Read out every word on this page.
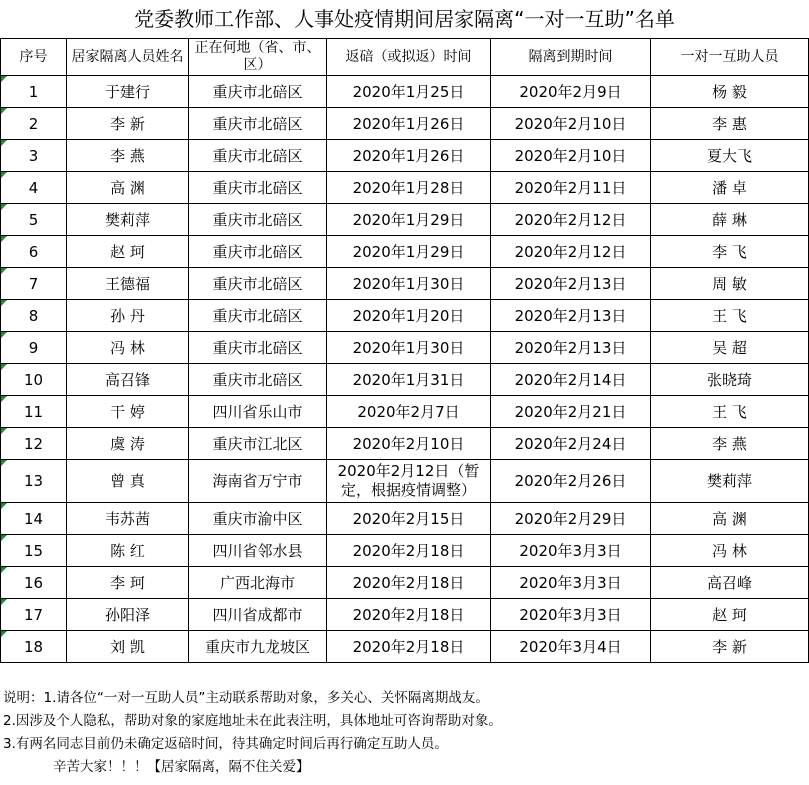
党委教师工作部、人事处疫情期间居家隔离“一对一互助”名单
序号	居家隔离人员姓名	正在何地（省、市、区）	返碚（或拟返）时间	隔离到期时间	一对一互助人员
1	于建行	重庆市北碚区	2020年1月25日	2020年2月9日	杨 毅
2	李 新	重庆市北碚区	2020年1月26日	2020年2月10日	李 惠
3	李 燕	重庆市北碚区	2020年1月26日	2020年2月10日	夏大飞
4	高 渊	重庆市北碚区	2020年1月28日	2020年2月11日	潘 卓
5	樊莉萍	重庆市北碚区	2020年1月29日	2020年2月12日	薛 琳
6	赵 珂	重庆市北碚区	2020年1月29日	2020年2月12日	李 飞
7	王德福	重庆市北碚区	2020年1月30日	2020年2月13日	周 敏
8	孙 丹	重庆市北碚区	2020年1月20日	2020年2月13日	王 飞
9	冯 林	重庆市北碚区	2020年1月30日	2020年2月13日	吴 超
10	高召锋	重庆市北碚区	2020年1月31日	2020年2月14日	张晓琦
11	干 婷	四川省乐山市	2020年2月7日	2020年2月21日	王 飞
12	虞 涛	重庆市江北区	2020年2月10日	2020年2月24日	李 燕
13	曾 真	海南省万宁市	2020年2月12日（暂定，根据疫情调整）	2020年2月26日	樊莉萍
14	韦苏茜	重庆市渝中区	2020年2月15日	2020年2月29日	高 渊
15	陈 红	四川省邻水县	2020年2月18日	2020年3月3日	冯 林
16	李 珂	广西北海市	2020年2月18日	2020年3月3日	高召峰
17	孙阳泽	四川省成都市	2020年2月18日	2020年3月3日	赵 珂
18	刘 凯	重庆市九龙坡区	2020年2月18日	2020年3月4日	李 新
说明：1.请各位“一对一互助人员”主动联系帮助对象，多关心、关怀隔离期战友。
2.因涉及个人隐私，帮助对象的家庭地址未在此表注明，具体地址可咨询帮助对象。
3.有两名同志目前仍未确定返碚时间，待其确定时间后再行确定互助人员。
辛苦大家！！！【居家隔离，隔不住关爱】
